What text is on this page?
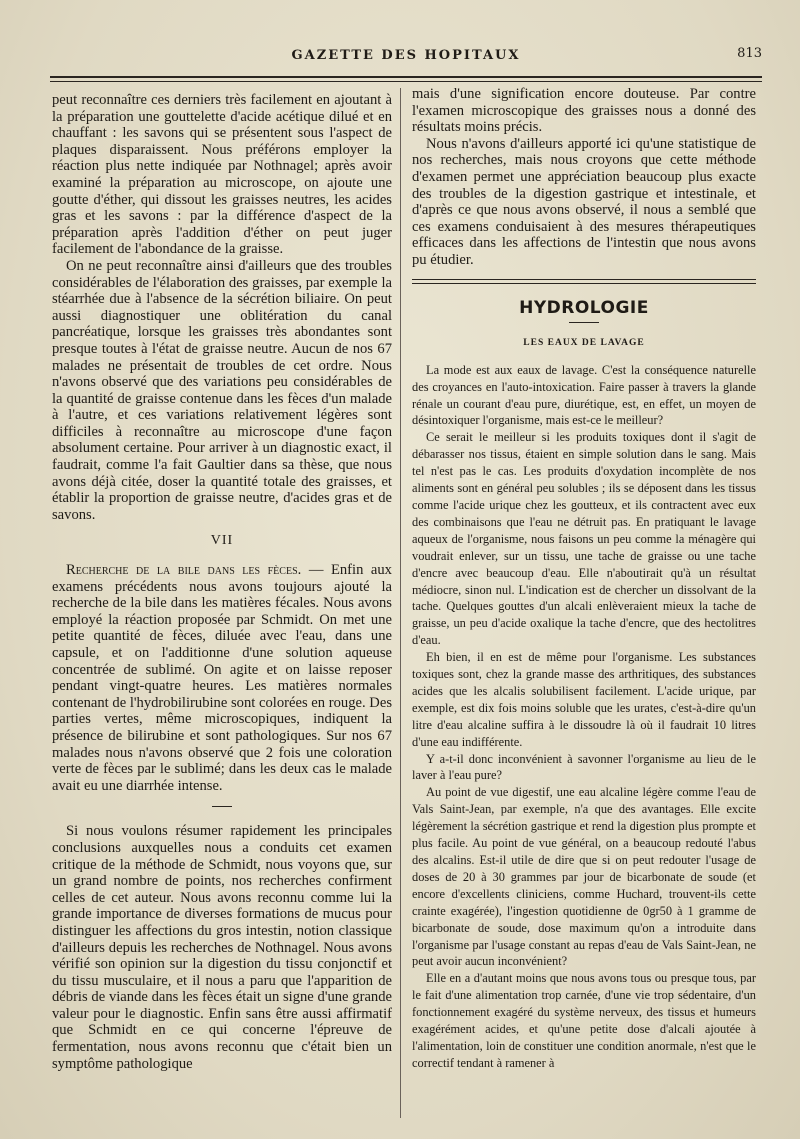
GAZETTE DES HOPITAUX	813

peut reconnaître ces derniers très facilement en ajoutant à la préparation une gouttelette d'acide acétique dilué et en chauffant : les savons qui se présentent sous l'aspect de plaques disparaissent. Nous préférons employer la réaction plus nette indiquée par Nothnagel; après avoir examiné la préparation au microscope, on ajoute une goutte d'éther, qui dissout les graisses neutres, les acides gras et les savons : par la différence d'aspect de la préparation après l'addition d'éther on peut juger facilement de l'abondance de la graisse.

On ne peut reconnaître ainsi d'ailleurs que des troubles considérables de l'élaboration des graisses, par exemple la stéarrhée due à l'absence de la sécrétion biliaire. On peut aussi diagnostiquer une oblitération du canal pancréatique, lorsque les graisses très abondantes sont presque toutes à l'état de graisse neutre. Aucun de nos 67 malades ne présentait de troubles de cet ordre. Nous n'avons observé que des variations peu considérables de la quantité de graisse contenue dans les fèces d'un malade à l'autre, et ces variations relativement légères sont difficiles à reconnaître au microscope d'une façon absolument certaine. Pour arriver à un diagnostic exact, il faudrait, comme l'a fait Gaultier dans sa thèse, que nous avons déjà citée, doser la quantité totale des graisses, et établir la proportion de graisse neutre, d'acides gras et de savons.

VII

Recherche de la bile dans les fèces. — Enfin aux examens précédents nous avons toujours ajouté la recherche de la bile dans les matières fécales. Nous avons employé la réaction proposée par Schmidt. On met une petite quantité de fèces, diluée avec l'eau, dans une capsule, et on l'additionne d'une solution aqueuse concentrée de sublimé. On agite et on laisse reposer pendant vingt-quatre heures. Les matières normales contenant de l'hydrobilirubine sont colorées en rouge. Des parties vertes, même microscopiques, indiquent la présence de bilirubine et sont pathologiques. Sur nos 67 malades nous n'avons observé que 2 fois une coloration verte de fèces par le sublimé; dans les deux cas le malade avait eu une diarrhée intense.

Si nous voulons résumer rapidement les principales conclusions auxquelles nous a conduits cet examen critique de la méthode de Schmidt, nous voyons que, sur un grand nombre de points, nos recherches confirment celles de cet auteur. Nous avons reconnu comme lui la grande importance de diverses formations de mucus pour distinguer les affections du gros intestin, notion classique d'ailleurs depuis les recherches de Nothnagel. Nous avons vérifié son opinion sur la digestion du tissu conjonctif et du tissu musculaire, et il nous a paru que l'apparition de débris de viande dans les fèces était un signe d'une grande valeur pour le diagnostic. Enfin sans être aussi affirmatif que Schmidt en ce qui concerne l'épreuve de fermentation, nous avons reconnu que c'était bien un symptôme pathologique

mais d'une signification encore douteuse. Par contre l'examen microscopique des graisses nous a donné des résultats moins précis.

Nous n'avons d'ailleurs apporté ici qu'une statistique de nos recherches, mais nous croyons que cette méthode d'examen permet une appréciation beaucoup plus exacte des troubles de la digestion gastrique et intestinale, et d'après ce que nous avons observé, il nous a semblé que ces examens conduisaient à des mesures thérapeutiques efficaces dans les affections de l'intestin que nous avons pu étudier.

HYDROLOGIE
LES EAUX DE LAVAGE

La mode est aux eaux de lavage. C'est la conséquence naturelle des croyances en l'auto-intoxication. Faire passer à travers la glande rénale un courant d'eau pure, diurétique, est, en effet, un moyen de désintoxiquer l'organisme, mais est-ce le meilleur?

Ce serait le meilleur si les produits toxiques dont il s'agit de débarasser nos tissus, étaient en simple solution dans le sang. Mais tel n'est pas le cas. Les produits d'oxydation incomplète de nos aliments sont en général peu solubles ; ils se déposent dans les tissus comme l'acide urique chez les goutteux, et ils contractent avec eux des combinaisons que l'eau ne détruit pas. En pratiquant le lavage aqueux de l'organisme, nous faisons un peu comme la ménagère qui voudrait enlever, sur un tissu, une tache de graisse ou une tache d'encre avec beaucoup d'eau. Elle n'aboutirait qu'à un résultat médiocre, sinon nul. L'indication est de chercher un dissolvant de la tache. Quelques gouttes d'un alcali enlèveraient mieux la tache de graisse, un peu d'acide oxalique la tache d'encre, que des hectolitres d'eau.

Eh bien, il en est de même pour l'organisme. Les substances toxiques sont, chez la grande masse des arthritiques, des substances acides que les alcalis solubilisent facilement. L'acide urique, par exemple, est dix fois moins soluble que les urates, c'est-à-dire qu'un litre d'eau alcaline suffira à le dissoudre là où il faudrait 10 litres d'une eau indifférente.

Y a-t-il donc inconvénient à savonner l'organisme au lieu de le laver à l'eau pure?

Au point de vue digestif, une eau alcaline légère comme l'eau de Vals Saint-Jean, par exemple, n'a que des avantages. Elle excite légèrement la sécrétion gastrique et rend la digestion plus prompte et plus facile. Au point de vue général, on a beaucoup redouté l'abus des alcalins. Est-il utile de dire que si on peut redouter l'usage de doses de 20 à 30 grammes par jour de bicarbonate de soude (et encore d'excellents cliniciens, comme Huchard, trouvent-ils cette crainte exagérée), l'ingestion quotidienne de 0gr50 à 1 gramme de bicarbonate de soude, dose maximum qu'on a introduite dans l'organisme par l'usage constant au repas d'eau de Vals Saint-Jean, ne peut avoir aucun inconvénient?

Elle en a d'autant moins que nous avons tous ou presque tous, par le fait d'une alimentation trop carnée, d'une vie trop sédentaire, d'un fonctionnement exagéré du système nerveux, des tissus et humeurs exagérément acides, et qu'une petite dose d'alcali ajoutée à l'alimentation, loin de constituer une condition anormale, n'est que le correctif tendant à ramener à
